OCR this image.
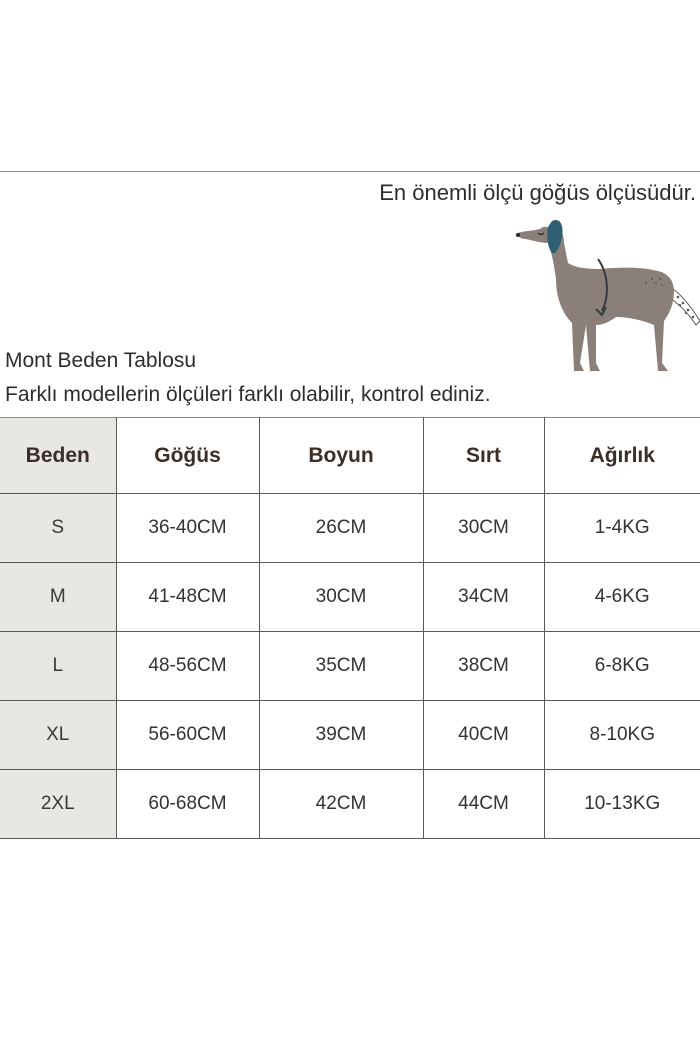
En önemli ölçü göğüs ölçüsüdür.
Mont Beden Tablosu
Farklı modellerin ölçüleri farklı olabilir, kontrol ediniz.
Beden	Göğüs	Boyun	Sırt	Ağırlık
S	36-40CM	26CM	30CM	1-4KG
M	41-48CM	30CM	34CM	4-6KG
L	48-56CM	35CM	38CM	6-8KG
XL	56-60CM	39CM	40CM	8-10KG
2XL	60-68CM	42CM	44CM	10-13KG
